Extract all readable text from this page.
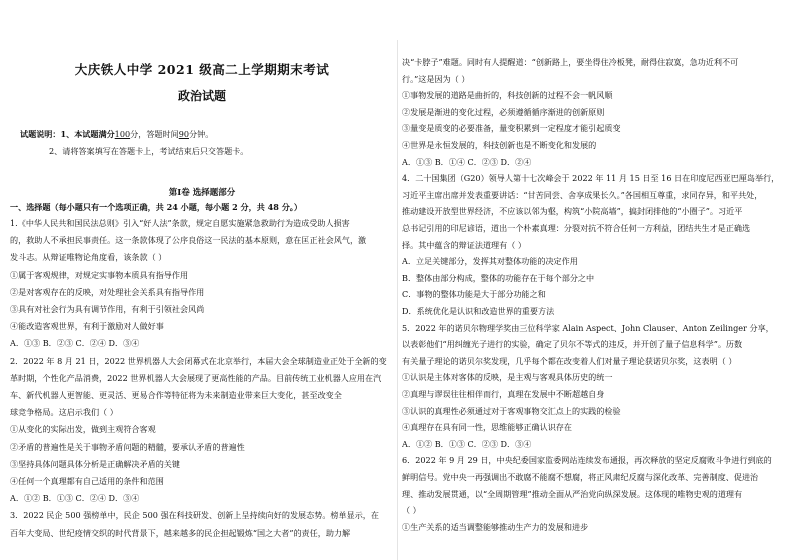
大庆铁人中学 2021 级高二上学期期末考试
政治试题
试题说明：1、本试题满分100分，答题时间90分钟。
2、请将答案填写在答题卡上，考试结束后只交答题卡。
第Ⅰ卷 选择题部分
一、选择题（每小题只有一个选项正确，共 24 小题，每小题 2 分，共 48 分。）
1.《中华人民共和国民法总则》引入“好人法”条款，规定自愿实施紧急救助行为造成受助人损害
的，救助人不承担民事责任。这一条款体现了公序良俗这一民法的基本原则，意在匡正社会风气，激
发斗志。从辩证唯物论角度看，该条款（ ）
①属于客观规律，对规定实事物本质具有指导作用
②是对客观存在的反映，对处理社会关系具有指导作用
③具有对社会行为具有调节作用，有利于引领社会风尚
④能改造客观世界，有利于激励对人做好事
A．①③ B．②③ C．②④ D．③④
2．2022 年 8 月 21 日，2022 世界机器人大会闭幕式在北京举行，本届大会全球制造业正处于全新的变
革时期，个性化产品消费，2022 世界机器人大会展现了更高性能的产品。目前传统工业机器人应用在汽
车、新代机器人更智能、更灵活、更易合作等特征将为未来制造业带来巨大变化，甚至改变全
球竞争格局。这启示我们（ ）
①从变化的实际出发，做到主观符合客观
②矛盾的普遍性是关于事物矛盾问题的精髓，要承认矛盾的普遍性
③坚持具体问题具体分析是正确解决矛盾的关键
④任何一个真理都有自己适用的条件和范围
A．①② B．①③ C．②④ D．③④
3．2022 民企 500 强榜单中，民企 500 强在科技研发、创新上呈持续向好的发展态势。榜单显示，在
百年大变局、世纪疫情交织的时代背景下，越来越多的民企担起锻炼“国之大者”的责任，助力解
决“卡脖子”难题。同时有人提醒道：“创新路上，要坐得住冷板凳，耐得住寂寞，急功近利不可
行。”这是因为（ ）
①事物发展的道路是曲折的，科技创新的过程不会一帆风顺
②发展是渐进的变化过程，必须遵循循序渐进的创新原则
③量变是质变的必要准备，量变积累到一定程度才能引起质变
④世界是永恒发展的，科技创新也是不断变化和发展的
A．①③ B．①④ C．②③ D．②④
4．二十国集团（G20）领导人第十七次峰会于 2022 年 11 月 15 日至 16 日在印度尼西亚巴厘岛举行，
习近平主席出席并发表重要讲话：“甘苦同尝、舍享成果长久。”各国相互尊重，求同存异，和平共处，
推动建设开放型世界经济，不应该以邻为壑，构筑“小院高墙”，搞封闭排他的“小圈子”。习近平
总书记引用的印尼谚语，道出一个朴素真理：分裂对抗不符合任何一方利益，团结共生才是正确选
择。其中蕴含的辩证法道理有（ ）
A．立足关键部分，发挥其对整体功能的决定作用
B．整体由部分构成，整体的功能存在于每个部分之中
C．事物的整体功能是大于部分功能之和
D．系统优化是认识和改造世界的重要方法
5．2022 年的诺贝尔物理学奖由三位科学家 Alain Aspect、John Clauser、Anton Zeilinger 分享，
以表彰他们“用纠缠光子进行的实验，确定了贝尔不等式的违反，并开创了量子信息科学”。历数
有关量子理论的诺贝尔奖发现，几乎每个都在改变着人们对量子理论获诺贝尔奖，这表明（ ）
①认识是主体对客体的反映，是主观与客观具体历史的统一
②真理与谬误往往相伴而行，真理在发展中不断超越自身
③认识的真理性必须通过对于客观事物交汇点上的实践的检验
④真理存在具有同一性，思维能够正确认识存在
A．①② B．①③ C．②③ D．③④
6．2022 年 9 月 29 日，中央纪委国家监委网站连续发布通报，再次释放的坚定反腐败斗争进行到底的
鲜明信号。党中央一再强调出不敢腐不能腐不想腐，将正风肃纪反腐与深化改革、完善制度、促进治
理、推动发展贯通，以“全周期管理”推动全面从严治党向纵深发展。这体现的唯物史观的道理有
（ ）
①生产关系的适当调整能够推动生产力的发展和进步
